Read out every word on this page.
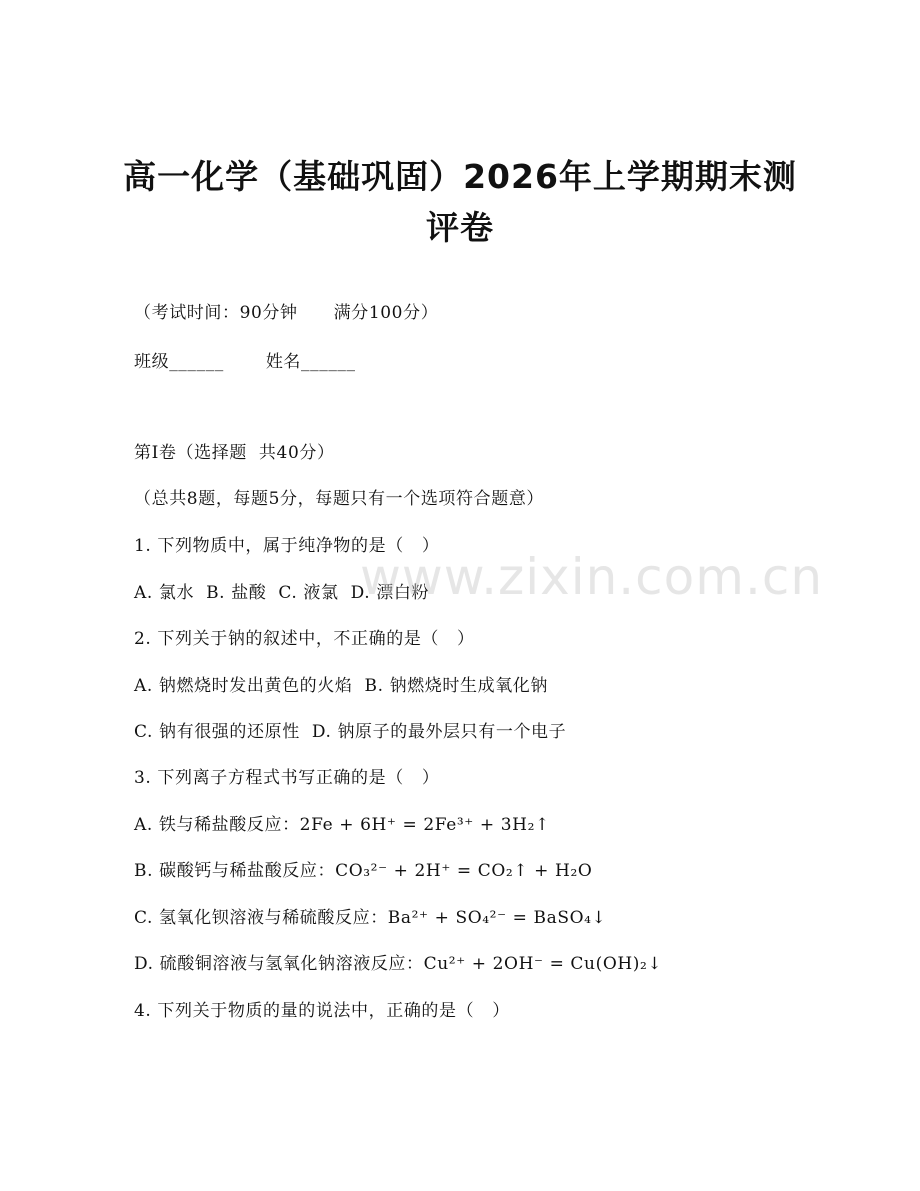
高一化学（基础巩固）2026年上学期期末测
评卷
（考试时间：90分钟      满分100分）
班级______       姓名______
第I卷（选择题  共40分）
（总共8题，每题5分，每题只有一个选项符合题意）
1. 下列物质中，属于纯净物的是（   ）
A. 氯水  B. 盐酸  C. 液氯  D. 漂白粉
2. 下列关于钠的叙述中，不正确的是（   ）
A. 钠燃烧时发出黄色的火焰  B. 钠燃烧时生成氧化钠
C. 钠有很强的还原性  D. 钠原子的最外层只有一个电子
3. 下列离子方程式书写正确的是（   ）
A. 铁与稀盐酸反应：2Fe + 6H⁺ = 2Fe³⁺ + 3H₂↑
B. 碳酸钙与稀盐酸反应：CO₃²⁻ + 2H⁺ = CO₂↑ + H₂O
C. 氢氧化钡溶液与稀硫酸反应：Ba²⁺ + SO₄²⁻ = BaSO₄↓
D. 硫酸铜溶液与氢氧化钠溶液反应：Cu²⁺ + 2OH⁻ = Cu(OH)₂↓
4. 下列关于物质的量的说法中，正确的是（   ）
www.zixin.com.cn
